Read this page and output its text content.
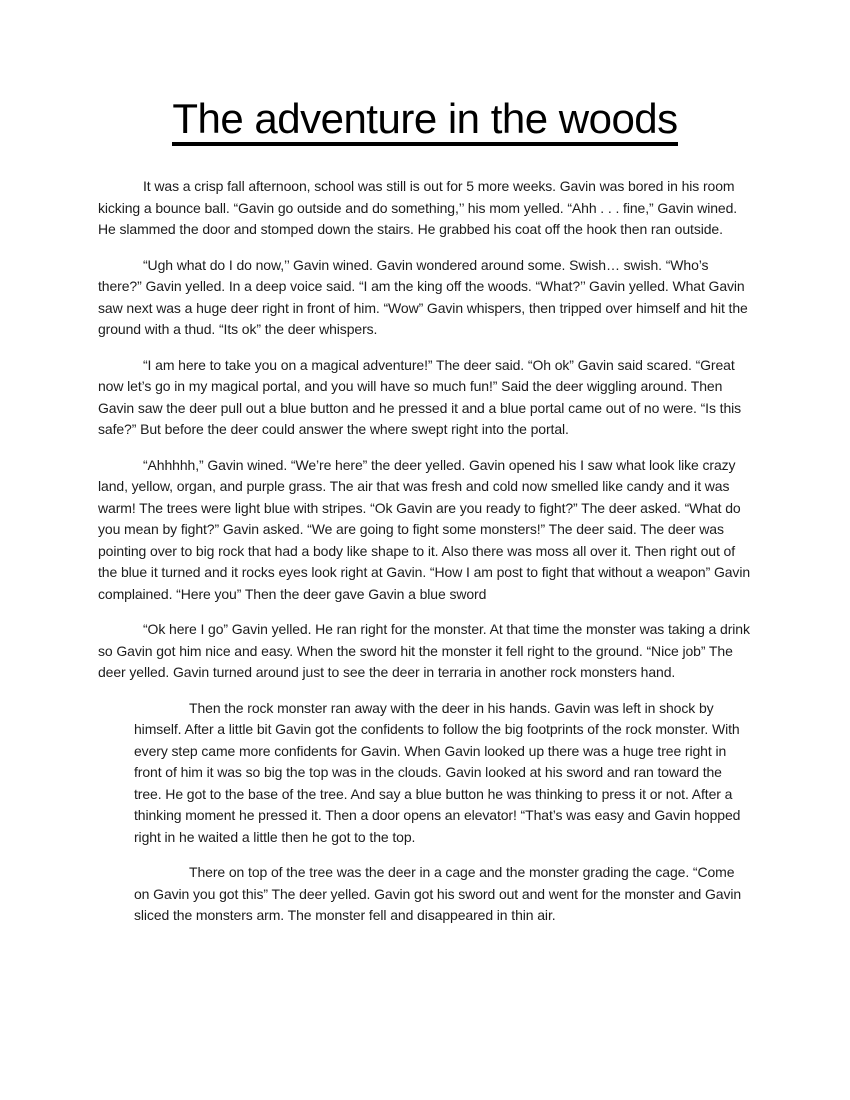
The adventure in the woods

It was a crisp fall afternoon, school was still is out for 5 more weeks. Gavin was bored in his room kicking a bounce ball. “Gavin go outside and do something,’’ his mom yelled. “Ahh . . . fine,” Gavin wined. He slammed the door and stomped down the stairs. He grabbed his coat off the hook then ran outside.

“Ugh what do I do now,’’ Gavin wined. Gavin wondered around some. Swish… swish. “Who’s there?” Gavin yelled. In a deep voice said. “I am the king off the woods. “What?’’ Gavin yelled. What Gavin saw next was a huge deer right in front of him. “Wow” Gavin whispers, then tripped over himself and hit the ground with a thud. “Its ok” the deer whispers.

“I am here to take you on a magical adventure!” The deer said. “Oh ok” Gavin said scared. “Great now let’s go in my magical portal, and you will have so much fun!” Said the deer wiggling around. Then Gavin saw the deer pull out a blue button and he pressed it and a blue portal came out of no were. “Is this safe?” But before the deer could answer the where swept right into the portal.

“Ahhhhh,” Gavin wined. “We’re here” the deer yelled. Gavin opened his I saw what look like crazy land, yellow, organ, and purple grass. The air that was fresh and cold now smelled like candy and it was warm! The trees were light blue with stripes. “Ok Gavin are you ready to fight?” The deer asked. “What do you mean by fight?” Gavin asked. “We are going to fight some monsters!” The deer said. The deer was pointing over to big rock that had a body like shape to it. Also there was moss all over it. Then right out of the blue it turned and it rocks eyes look right at Gavin. “How I am post to fight that without a weapon” Gavin complained. “Here you” Then the deer gave Gavin a blue sword

“Ok here I go” Gavin yelled. He ran right for the monster. At that time the monster was taking a drink so Gavin got him nice and easy. When the sword hit the monster it fell right to the ground. “Nice job” The deer yelled. Gavin turned around just to see the deer in terraria in another rock monsters hand.

Then the rock monster ran away with the deer in his hands. Gavin was left in shock by himself. After a little bit Gavin got the confidents to follow the big footprints of the rock monster. With every step came more confidents for Gavin. When Gavin looked up there was a huge tree right in front of him it was so big the top was in the clouds. Gavin looked at his sword and ran toward the tree. He got to the base of the tree. And say a blue button he was thinking to press it or not. After a thinking moment he pressed it. Then a door opens an elevator! “That’s was easy and Gavin hopped right in he waited a little then he got to the top.

There on top of the tree was the deer in a cage and the monster grading the cage. “Come on Gavin you got this” The deer yelled. Gavin got his sword out and went for the monster and Gavin sliced the monsters arm. The monster fell and disappeared in thin air.
